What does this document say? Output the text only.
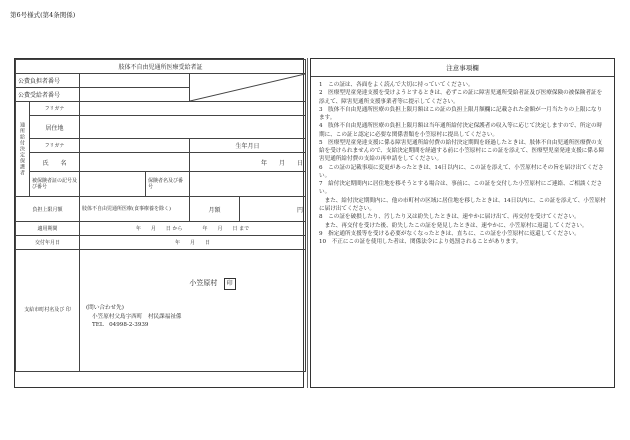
第6号様式(第4条関係)
肢体不自由児通所医療受給者証					
公費負担者番号		

公費受給者番号					
通所給付決定保護者	フリガナ				
	居住地				
	フリガナ			生年月日	
	氏　　名			年　　月　　日	
	被保険者証の記号及び番号		保険者名及び番号		
負担上限月額		肢体不自由児通所医療(食事療養を除く)		月額	円
適用期間		年　　月　　日 から　　　　年　　月　　日 まで			
交付年月日		年　　月　　日			
支給市町村名及び 印		小笠原村 印
(問い合わせ先)
小笠原村父島字西町　村民課福祉係
TEL　04998-2-3939			
注意事項欄

1　この証は、各面をよく読んで大切に持っていてください。

2　医療型児童発達支援を受けようとするときは、必ずこの証に障害児通所受給者証及び医療保険の被保険者証を添えて、障害児通所支援事業者等に提示してください。

3　肢体不自由児通所医療の負担上限月額はこの証の負担上限月額欄に記載された金額が一月当たりの上限になります。

4　肢体不自由児通所医療の負担上限月額は当年通所給付決定保護者の収入等に応じて決定しますので、所定の時期に、この証と認定に必要な関係書類を小笠原村に提出してください。

5　医療型児童発達支援に係る障害児通所給付費の給付決定期間を経過したときは、肢体不自由児通所医療費の支給を受けられませんので、支給決定期間を経過する前に小笠原村にこの証を添えて、医療型児童発達支援に係る障害児通所給付費の支給の再申請をしてください。

6　この証の記載事項に変更があったときは、14日以内に、この証を添えて、小笠原村にその旨を届け出てください。

7　給付決定期間内に居住地を移そうとする場合は、事前に、この証を交付した小笠原村にご連絡、ご相談ください。

　また、給付決定期間内に、他の市町村の区域に居住地を移したときは、14日以内に、この証を添えて、小笠原村に届け出てください。

8　この証を破損したり、汚したり又は紛失したときは、速やかに届け出て、再交付を受けてください。

　また、再交付を受けた後、紛失したこの証を発見したときは、速やかに、小笠原村に返還してください。

9　指定通所支援等を受ける必要がなくなったときは、直ちに、この証を小笠原村に返還してください。

10　不正にこの証を使用した者は、関係法令により処罰されることがあります。
